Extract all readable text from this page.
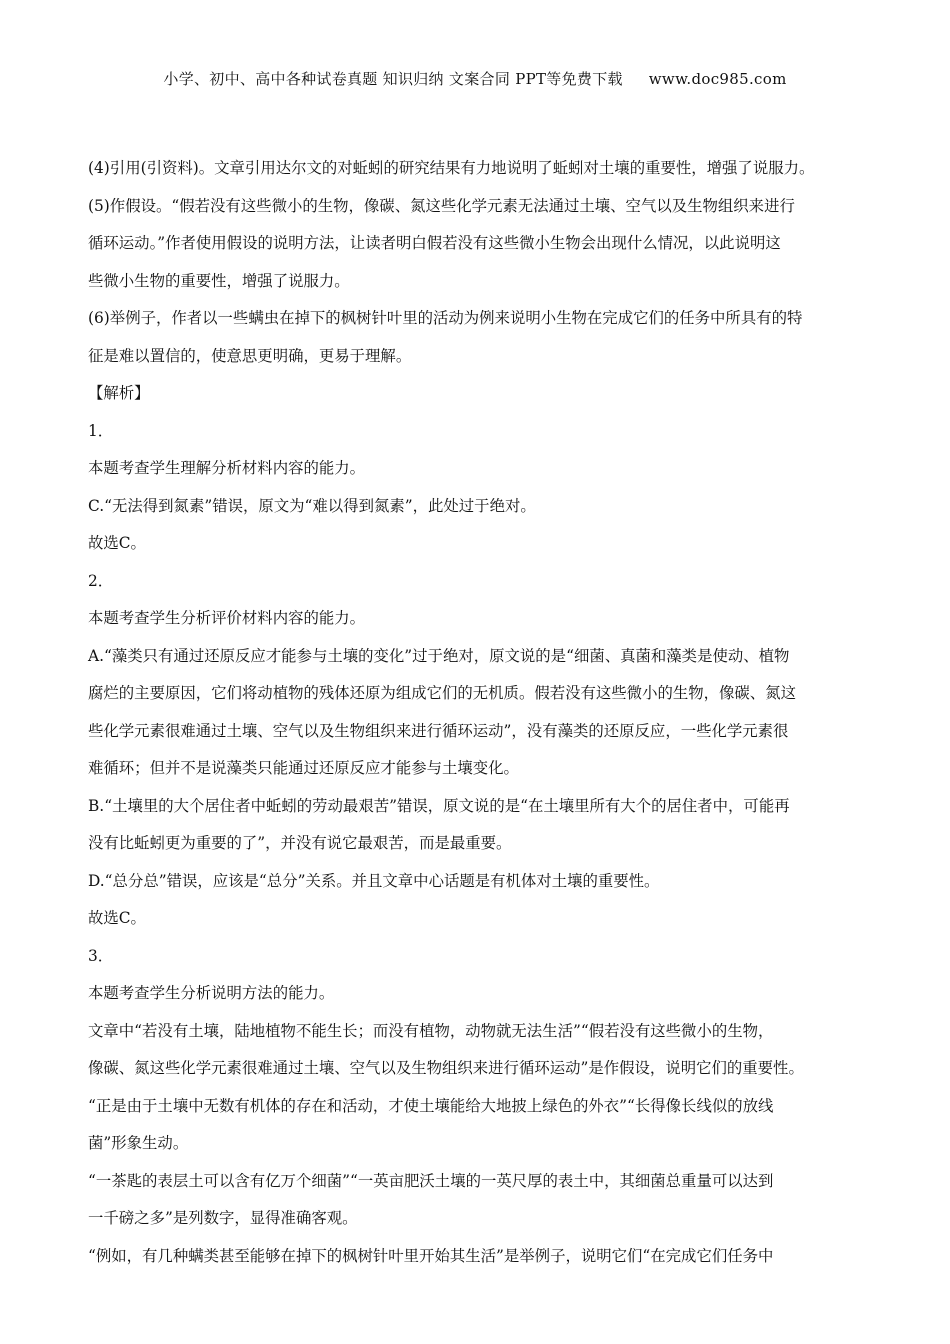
小学、初中、高中各种试卷真题 知识归纳 文案合同 PPT等免费下载 www.doc985.com
(4)引用(引资料)。文章引用达尔文的对蚯蚓的研究结果有力地说明了蚯蚓对土壤的重要性，增强了说服力。
(5)作假设。“假若没有这些微小的生物，像碳、氮这些化学元素无法通过土壤、空气以及生物组织来进行
循环运动。”作者使用假设的说明方法，让读者明白假若没有这些微小生物会出现什么情况，以此说明这
些微小生物的重要性，增强了说服力。
(6)举例子，作者以一些螨虫在掉下的枫树针叶里的活动为例来说明小生物在完成它们的任务中所具有的特
征是难以置信的，使意思更明确，更易于理解。
【解析】
1．
本题考查学生理解分析材料内容的能力。
C.“无法得到氮素”错误，原文为“难以得到氮素”，此处过于绝对。
故选C。
2．
本题考查学生分析评价材料内容的能力。
A.“藻类只有通过还原反应才能参与土壤的变化”过于绝对，原文说的是“细菌、真菌和藻类是使动、植物
腐烂的主要原因，它们将动植物的残体还原为组成它们的无机质。假若没有这些微小的生物，像碳、氮这
些化学元素很难通过土壤、空气以及生物组织来进行循环运动”，没有藻类的还原反应，一些化学元素很
难循环；但并不是说藻类只能通过还原反应才能参与土壤变化。
B.“土壤里的大个居住者中蚯蚓的劳动最艰苦”错误，原文说的是“在土壤里所有大个的居住者中，可能再
没有比蚯蚓更为重要的了”，并没有说它最艰苦，而是最重要。
D.“总分总”错误，应该是“总分”关系。并且文章中心话题是有机体对土壤的重要性。
故选C。
3．
本题考查学生分析说明方法的能力。
文章中“若没有土壤，陆地植物不能生长；而没有植物，动物就无法生活”“假若没有这些微小的生物，
像碳、氮这些化学元素很难通过土壤、空气以及生物组织来进行循环运动”是作假设，说明它们的重要性。
“正是由于土壤中无数有机体的存在和活动，才使土壤能给大地披上绿色的外衣”“长得像长线似的放线
菌”形象生动。
“一茶匙的表层土可以含有亿万个细菌”“一英亩肥沃土壤的一英尺厚的表土中，其细菌总重量可以达到
一千磅之多”是列数字，显得准确客观。
“例如，有几种螨类甚至能够在掉下的枫树针叶里开始其生活”是举例子，说明它们“在完成它们任务中
